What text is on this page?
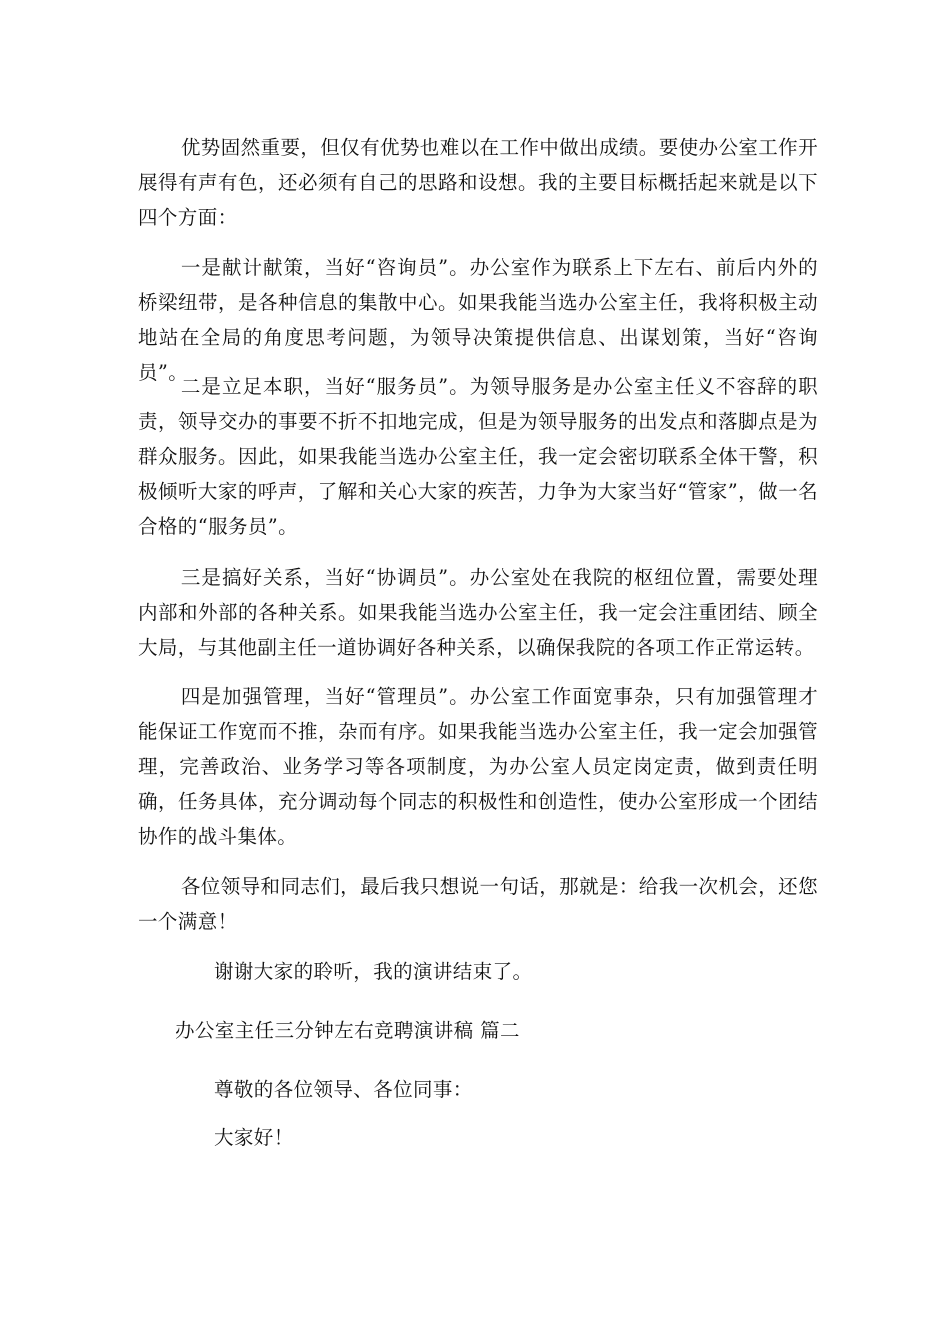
优势固然重要，但仅有优势也难以在工作中做出成绩。要使办公室工作开展得有声有色，还必须有自己的思路和设想。我的主要目标概括起来就是以下四个方面：

一是献计献策，当好“咨询员”。办公室作为联系上下左右、前后内外的桥梁纽带，是各种信息的集散中心。如果我能当选办公室主任，我将积极主动地站在全局的角度思考问题，为领导决策提供信息、出谋划策，当好“咨询员”。

二是立足本职，当好“服务员”。为领导服务是办公室主任义不容辞的职责，领导交办的事要不折不扣地完成，但是为领导服务的出发点和落脚点是为群众服务。因此，如果我能当选办公室主任，我一定会密切联系全体干警，积极倾听大家的呼声，了解和关心大家的疾苦，力争为大家当好“管家”，做一名合格的“服务员”。

三是搞好关系，当好“协调员”。办公室处在我院的枢纽位置，需要处理内部和外部的各种关系。如果我能当选办公室主任，我一定会注重团结、顾全大局，与其他副主任一道协调好各种关系，以确保我院的各项工作正常运转。

四是加强管理，当好“管理员”。办公室工作面宽事杂，只有加强管理才能保证工作宽而不推，杂而有序。如果我能当选办公室主任，我一定会加强管理，完善政治、业务学习等各项制度，为办公室人员定岗定责，做到责任明确，任务具体，充分调动每个同志的积极性和创造性，使办公室形成一个团结协作的战斗集体。

各位领导和同志们，最后我只想说一句话，那就是：给我一次机会，还您一个满意！

谢谢大家的聆听，我的演讲结束了。

办公室主任三分钟左右竞聘演讲稿 篇二

尊敬的各位领导、各位同事：

大家好！
